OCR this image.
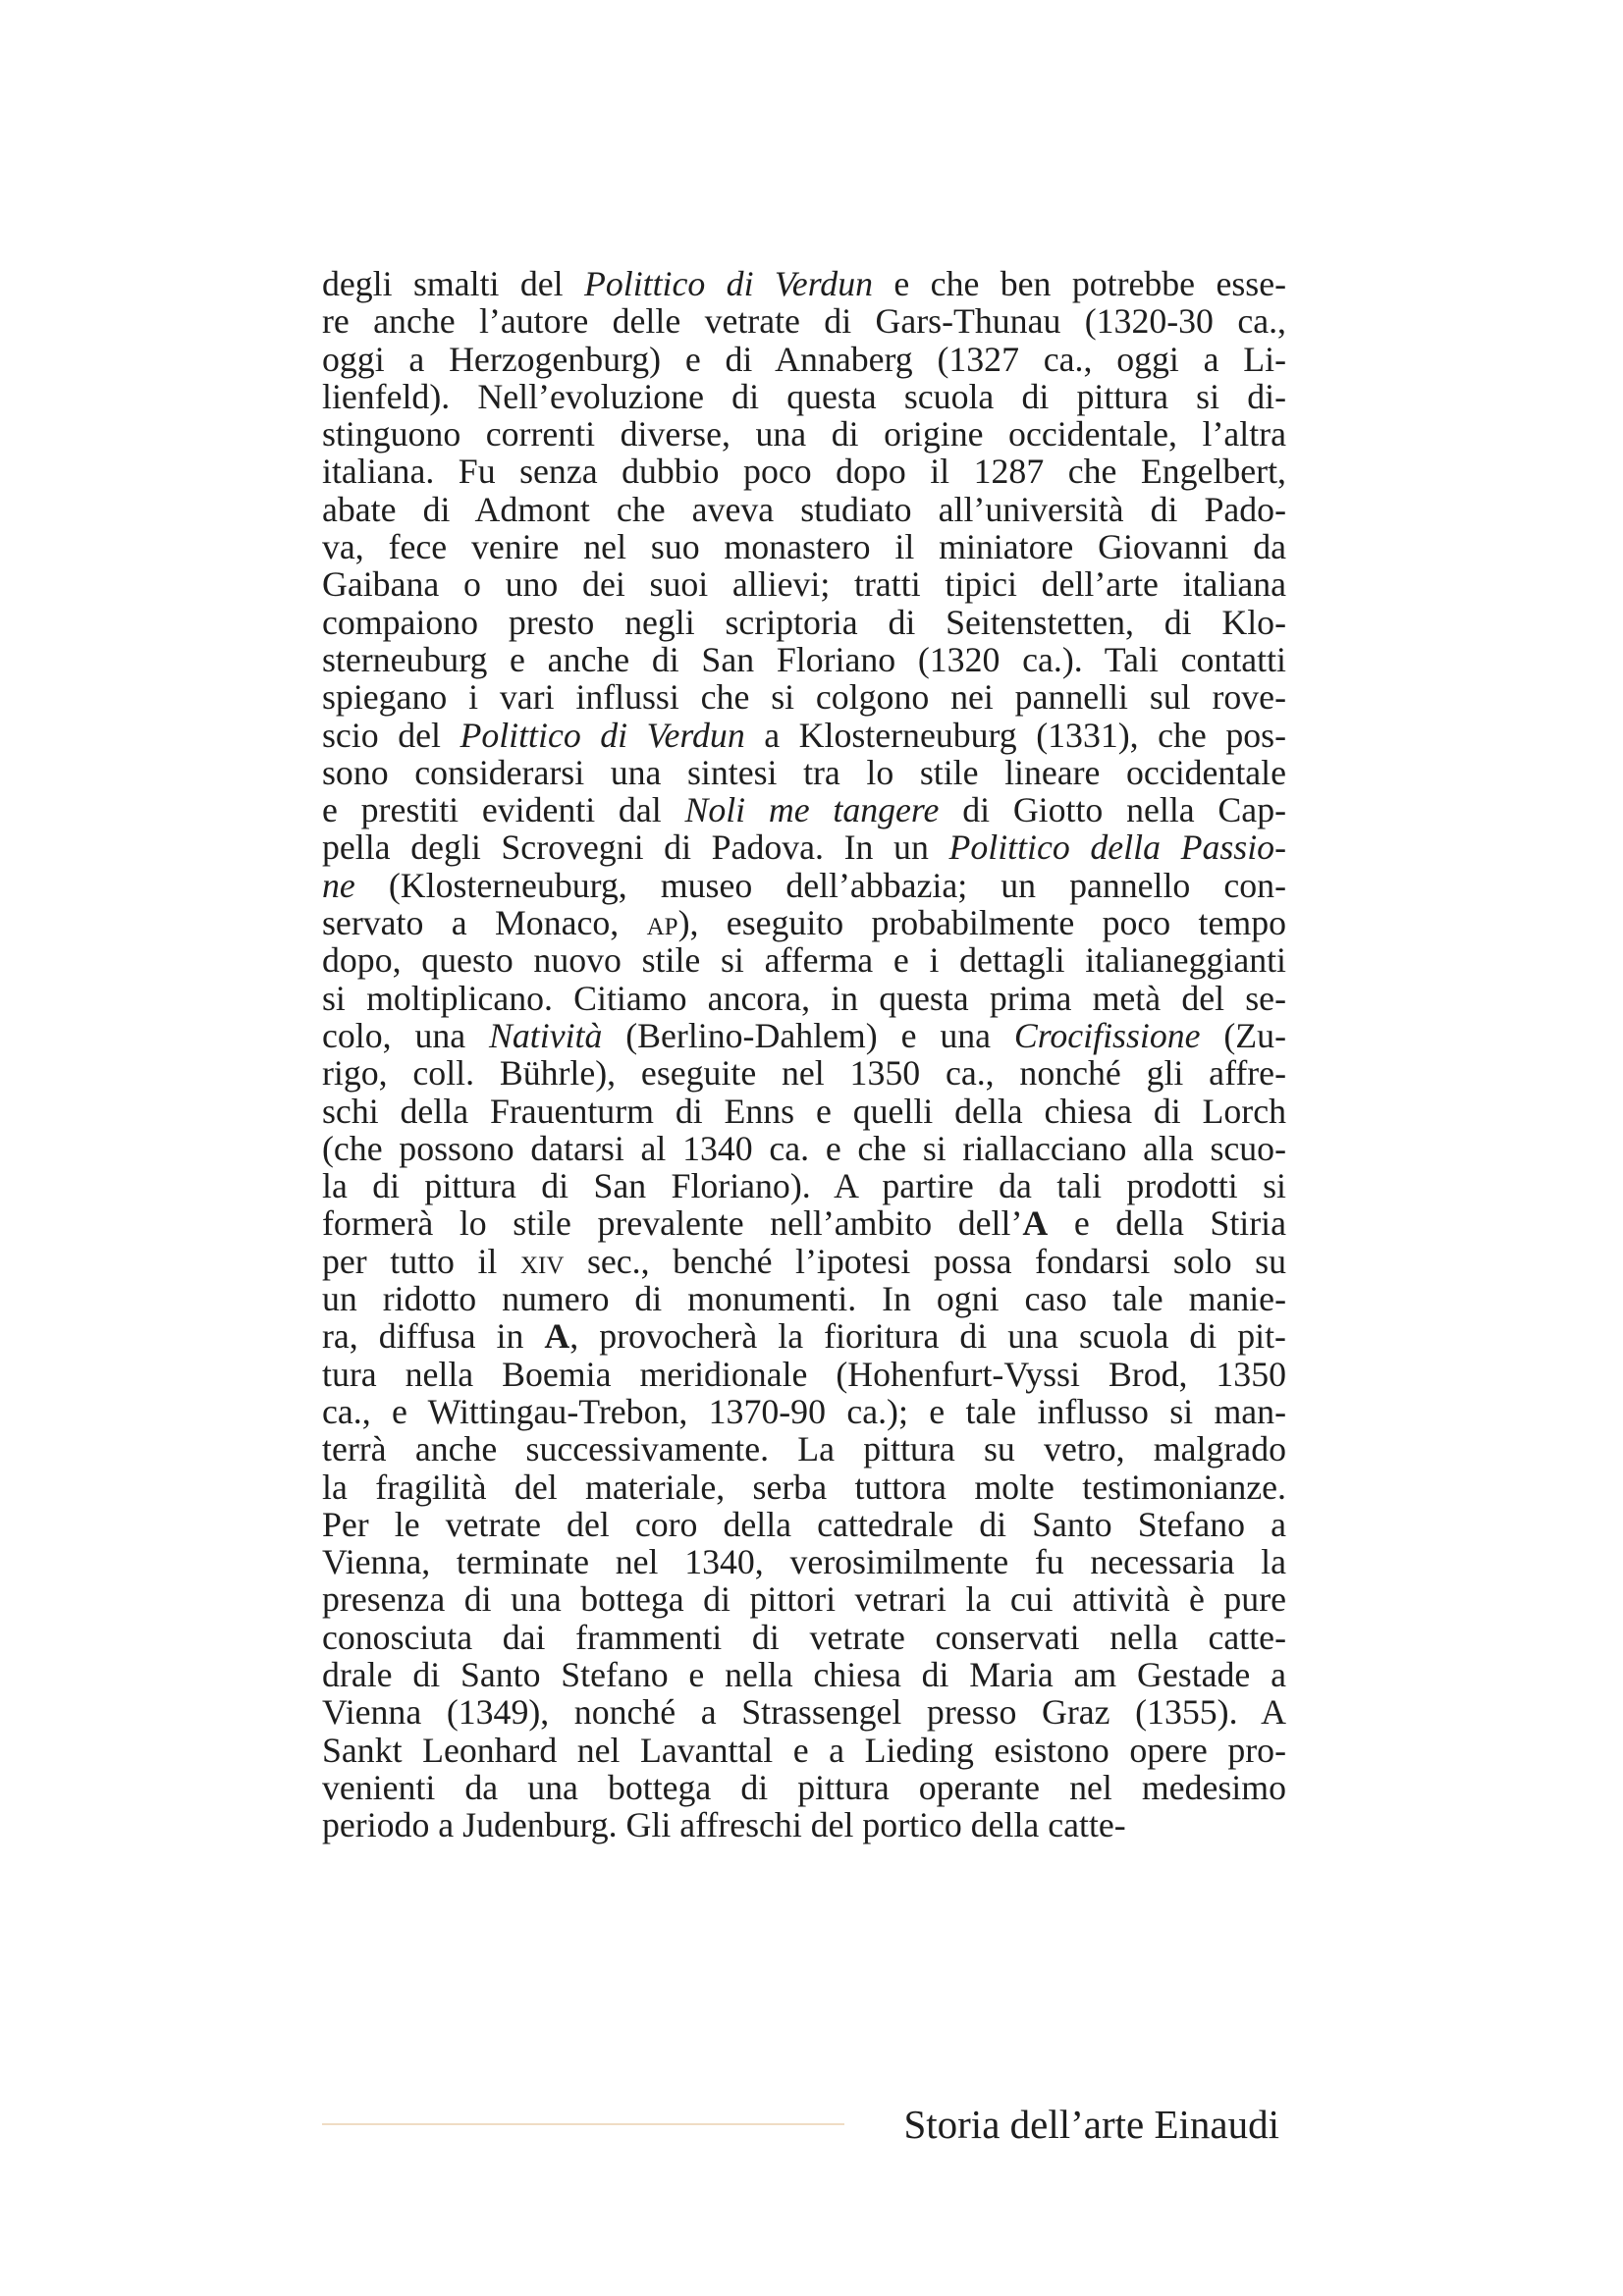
degli smalti del Polittico di Verdun e che ben potrebbe esse-
re anche l’autore delle vetrate di Gars-Thunau (1320-30 ca.,
oggi a Herzogenburg) e di Annaberg (1327 ca., oggi a Li-
lienfeld). Nell’evoluzione di questa scuola di pittura si di-
stinguono correnti diverse, una di origine occidentale, l’altra
italiana. Fu senza dubbio poco dopo il 1287 che Engelbert,
abate di Admont che aveva studiato all’università di Pado-
va, fece venire nel suo monastero il miniatore Giovanni da
Gaibana o uno dei suoi allievi; tratti tipici dell’arte italiana
compaiono presto negli scriptoria di Seitenstetten, di Klo-
sterneuburg e anche di San Floriano (1320 ca.). Tali contatti
spiegano i vari influssi che si colgono nei pannelli sul rove-
scio del Polittico di Verdun a Klosterneuburg (1331), che pos-
sono considerarsi una sintesi tra lo stile lineare occidentale
e prestiti evidenti dal Noli me tangere di Giotto nella Cap-
pella degli Scrovegni di Padova. In un Polittico della Passio-
ne (Klosterneuburg, museo dell’abbazia; un pannello con-
servato a Monaco, ap), eseguito probabilmente poco tempo
dopo, questo nuovo stile si afferma e i dettagli italianeggianti
si moltiplicano. Citiamo ancora, in questa prima metà del se-
colo, una Natività (Berlino-Dahlem) e una Crocifissione (Zu-
rigo, coll. Bührle), eseguite nel 1350 ca., nonché gli affre-
schi della Frauenturm di Enns e quelli della chiesa di Lorch
(che possono datarsi al 1340 ca. e che si riallacciano alla scuo-
la di pittura di San Floriano). A partire da tali prodotti si
formerà lo stile prevalente nell’ambito dell’A e della Stiria
per tutto il xiv sec., benché l’ipotesi possa fondarsi solo su
un ridotto numero di monumenti. In ogni caso tale manie-
ra, diffusa in A, provocherà la fioritura di una scuola di pit-
tura nella Boemia meridionale (Hohenfurt-Vyssi Brod, 1350
ca., e Wittingau-Trebon, 1370-90 ca.); e tale influsso si man-
terrà anche successivamente. La pittura su vetro, malgrado
la fragilità del materiale, serba tuttora molte testimonianze.
Per le vetrate del coro della cattedrale di Santo Stefano a
Vienna, terminate nel 1340, verosimilmente fu necessaria la
presenza di una bottega di pittori vetrari la cui attività è pure
conosciuta dai frammenti di vetrate conservati nella catte-
drale di Santo Stefano e nella chiesa di Maria am Gestade a
Vienna (1349), nonché a Strassengel presso Graz (1355). A
Sankt Leonhard nel Lavanttal e a Lieding esistono opere pro-
venienti da una bottega di pittura operante nel medesimo
periodo a Judenburg. Gli affreschi del portico della catte-
Storia dell’arte Einaudi
